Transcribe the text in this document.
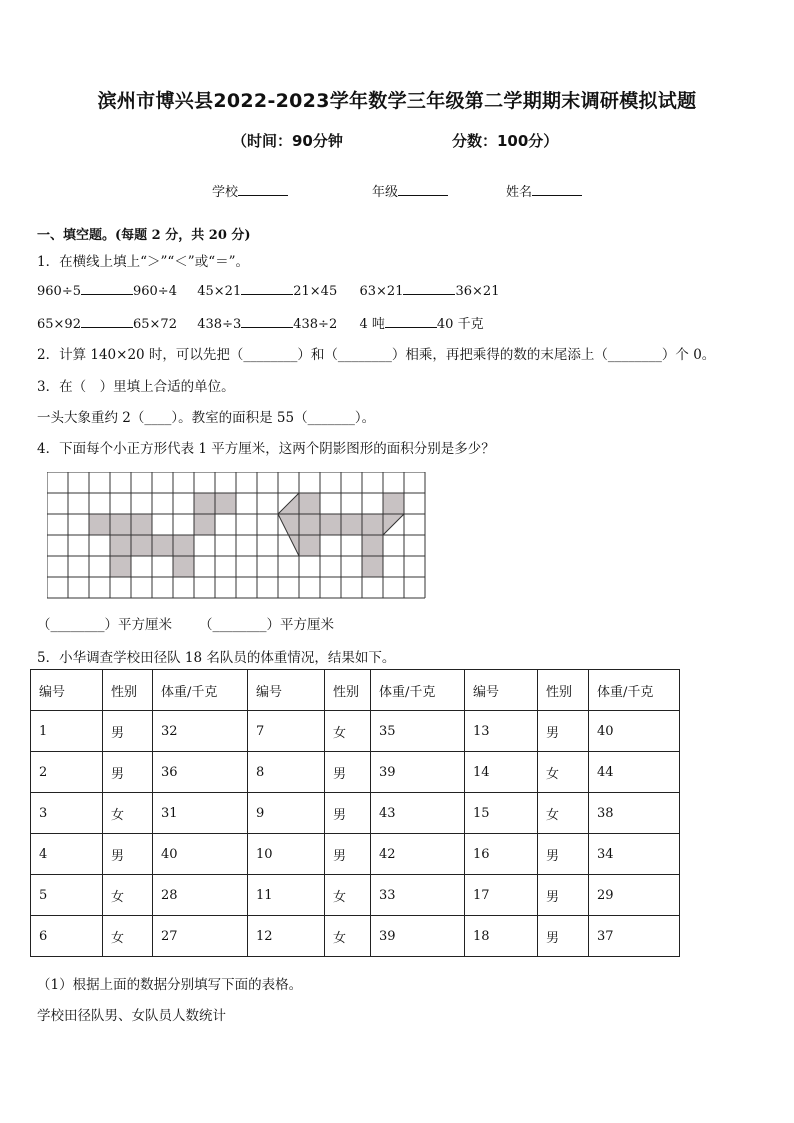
滨州市博兴县2022-2023学年数学三年级第二学期期末调研模拟试题
（时间：90分钟	分数：100分）
学校	年级	姓名
一、填空题。(每题 2 分，共 20 分)
1．在横线上填上“＞”“＜”或“＝”。
960÷5	960÷4 45×21	21×45 63×21	36×21
65×92	65×72 438÷3	438÷2 4 吨	40 千克
2．计算 140×20 时，可以先把（________）和（________）相乘，再把乘得的数的末尾添上（________）个 0。
3．在（　）里填上合适的单位。
一头大象重约 2（____）。教室的面积是 55（_______）。
4．下面每个小正方形代表 1 平方厘米，这两个阴影图形的面积分别是多少？
（________）平方厘米 （________）平方厘米
5．小华调查学校田径队 18 名队员的体重情况，结果如下。
编号	性别	体重/千克	编号	性别	体重/千克	编号	性别	体重/千克
1	男	32	7	女	35	13	男	40
2	男	36	8	男	39	14	女	44
3	女	31	9	男	43	15	女	38
4	男	40	10	男	42	16	男	34
5	女	28	11	女	33	17	男	29
6	女	27	12	女	39	18	男	37
（1）根据上面的数据分别填写下面的表格。
学校田径队男、女队员人数统计
